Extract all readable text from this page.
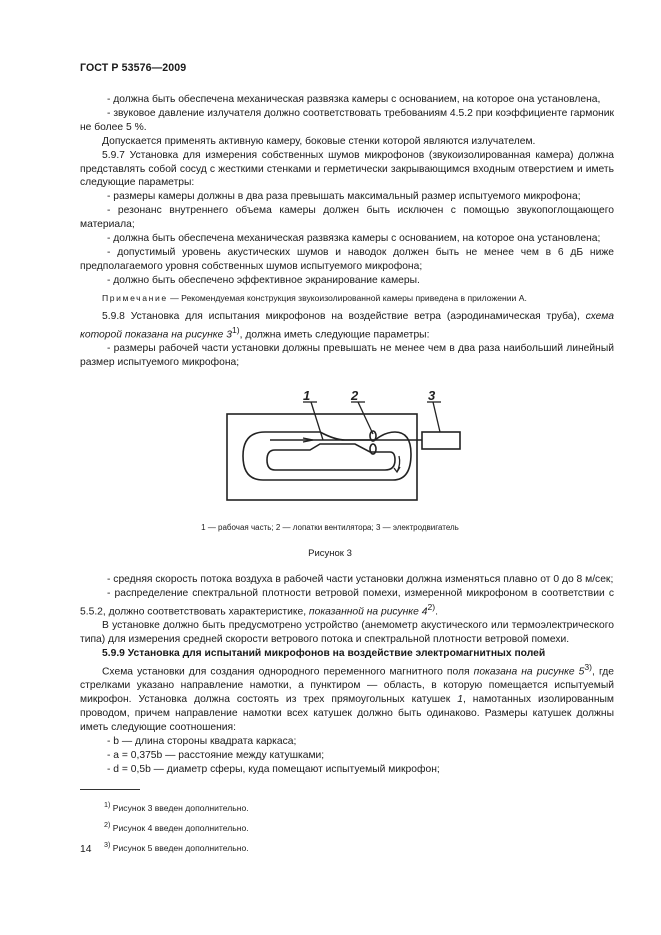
ГОСТ Р 53576—2009

- должна быть обеспечена механическая развязка камеры с основанием, на которое она установлена,

- звуковое давление излучателя должно соответствовать требованиям 4.5.2 при коэффициенте гармоник не более 5 %.

Допускается применять активную камеру, боковые стенки которой являются излучателем.

5.9.7 Установка для измерения собственных шумов микрофонов (звукоизолированная камера) должна представлять собой сосуд с жесткими стенками и герметически закрывающимся входным отверстием и иметь следующие параметры:

- размеры камеры должны в два раза превышать максимальный размер испытуемого микрофона;

- резонанс внутреннего объема камеры должен быть исключен с помощью звукопоглощающего материала;

- должна быть обеспечена механическая развязка камеры с основанием, на которое она установлена;

- допустимый уровень акустических шумов и наводок должен быть не менее чем в 6 дБ ниже предполагаемого уровня собственных шумов испытуемого микрофона;

- должно быть обеспечено эффективное экранирование камеры.

Примечание — Рекомендуемая конструкция звукоизолированной камеры приведена в приложении А.

5.9.8 Установка для испытания микрофонов на воздействие ветра (аэродинамическая труба), схема которой показана на рисунке 3$^{1)}$, должна иметь следующие параметры:

- размеры рабочей части установки должны превышать не менее чем в два раза наибольший линейный размер испытуемого микрофона;

1	2	3
1 — рабочая часть; 2 — лопатки вентилятора; 3 — электродвигатель
Рисунок 3

- средняя скорость потока воздуха в рабочей части установки должна изменяться плавно от 0 до 8 м/сек;

- распределение спектральной плотности ветровой помехи, измеренной микрофоном в соответствии с 5.5.2, должно соответствовать характеристике, показанной на рисунке 4$^{2)}$.

В установке должно быть предусмотрено устройство (анемометр акустического или термоэлектрического типа) для измерения средней скорости ветрового потока и спектральной плотности ветровой помехи.

5.9.9 Установка для испытаний микрофонов на воздействие электромагнитных полей

Схема установки для создания однородного переменного магнитного поля показана на рисунке 5$^{3)}$, где стрелками указано направление намотки, а пунктиром — область, в которую помещается испытуемый микрофон. Установка должна состоять из трех прямоугольных катушек 1, намотанных изолированным проводом, причем направление намотки всех катушек должно быть одинаково. Размеры катушек должны иметь следующие соотношения:

- b — длина стороны квадрата каркаса;

- a = 0,375b — расстояние между катушками;

- d = 0,5b — диаметр сферы, куда помещают испытуемый микрофон;

$^{1)}$ Рисунок 3 введен дополнительно.
$^{2)}$ Рисунок 4 введен дополнительно.
$^{3)}$ Рисунок 5 введен дополнительно.
14
